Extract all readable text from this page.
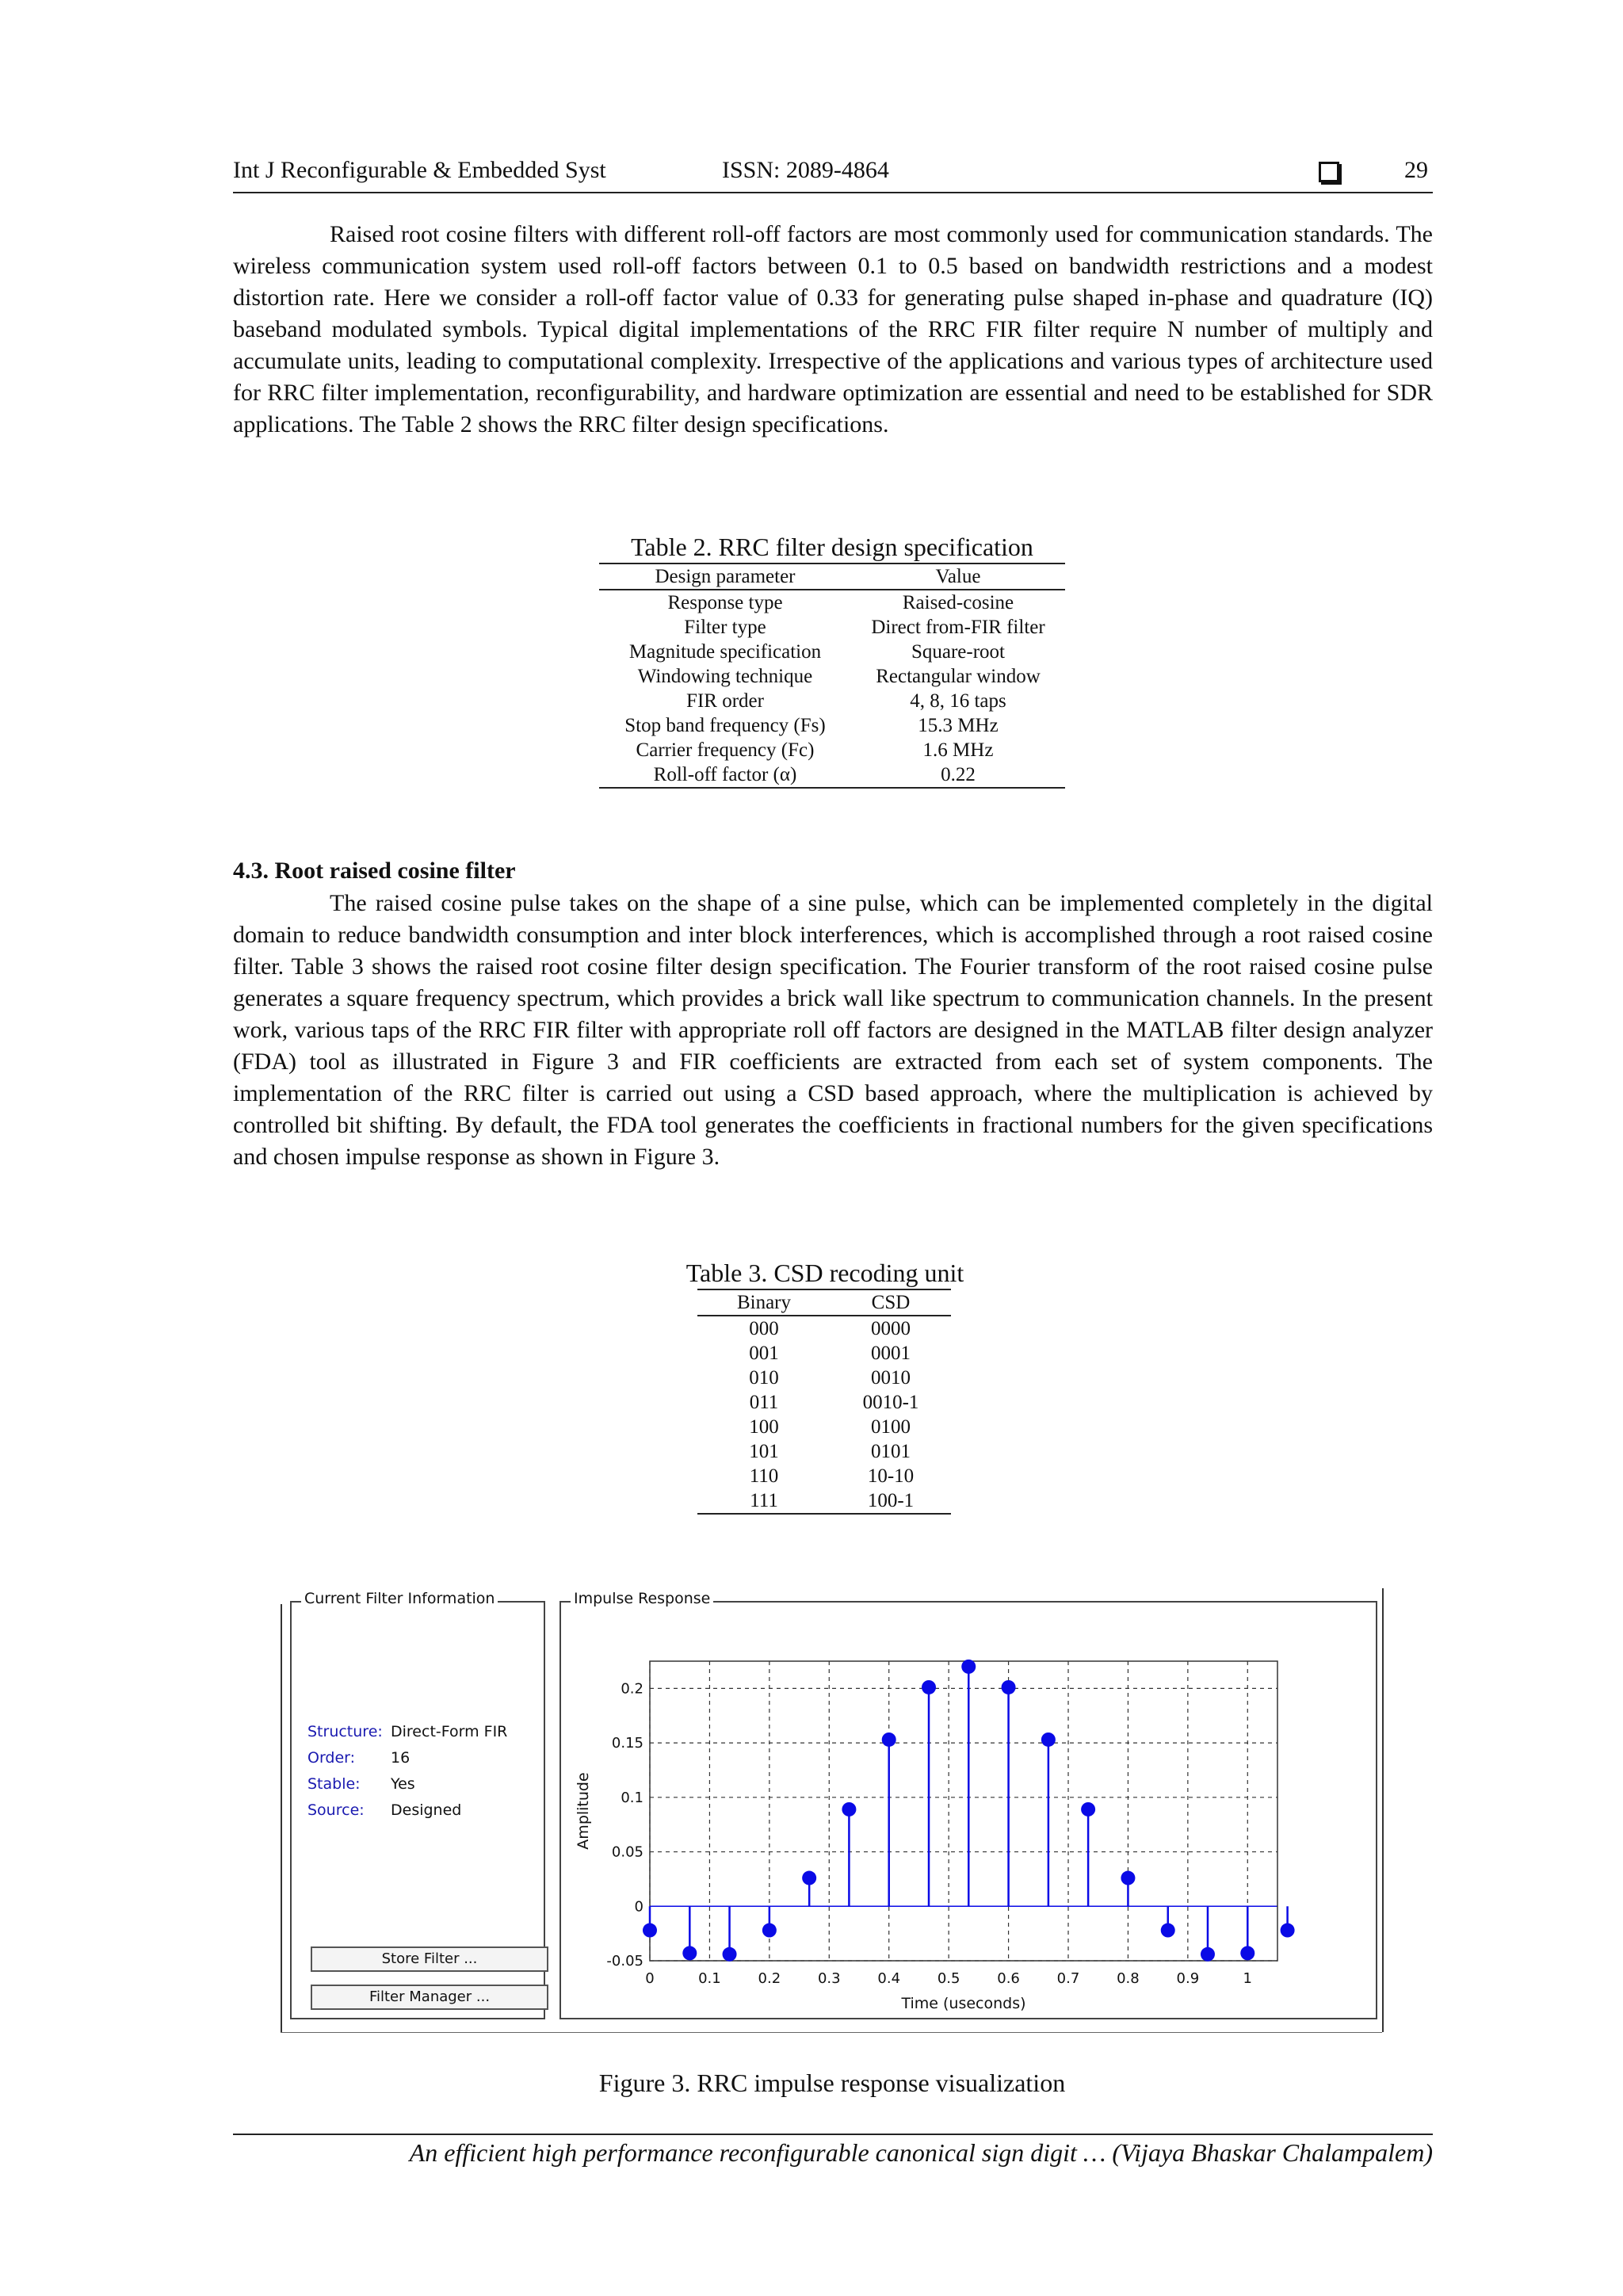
Int J Reconfigurable & Embedded Syst	ISSN: 2089-4864	29

Raised root cosine filters with different roll-off factors are most commonly used for communication standards. The wireless communication system used roll-off factors between 0.1 to 0.5 based on bandwidth restrictions and a modest distortion rate. Here we consider a roll-off factor value of 0.33 for generating pulse shaped in-phase and quadrature (IQ) baseband modulated symbols. Typical digital implementations of the RRC FIR filter require N number of multiply and accumulate units, leading to computational complexity. Irrespective of the applications and various types of architecture used for RRC filter implementation, reconfigurability, and hardware optimization are essential and need to be established for SDR applications. The Table 2 shows the RRC filter design specifications.

Table 2. RRC filter design specification
Design parameter	Value
Response type	Raised-cosine
Filter type	Direct from-FIR filter
Magnitude specification	Square-root
Windowing technique	Rectangular window
FIR order	4, 8, 16 taps
Stop band frequency (Fs)	15.3 MHz
Carrier frequency (Fc)	1.6 MHz
Roll-off factor (α)	0.22
4.3. Root raised cosine filter

The raised cosine pulse takes on the shape of a sine pulse, which can be implemented completely in the digital domain to reduce bandwidth consumption and inter block interferences, which is accomplished through a root raised cosine filter. Table 3 shows the raised root cosine filter design specification. The Fourier transform of the root raised cosine pulse generates a square frequency spectrum, which provides a brick wall like spectrum to communication channels. In the present work, various taps of the RRC FIR filter with appropriate roll off factors are designed in the MATLAB filter design analyzer (FDA) tool as illustrated in Figure 3 and FIR coefficients are extracted from each set of system components. The implementation of the RRC filter is carried out using a CSD based approach, where the multiplication is achieved by controlled bit shifting. By default, the FDA tool generates the coefficients in fractional numbers for the given specifications and chosen impulse response as shown in Figure 3.

Table 3. CSD recoding unit
Binary	CSD
000	0000
001	0001
010	0010
011	0010-1
100	0100
101	0101
110	10-10
111	100-1
Current Filter Information
Structure: Direct-Form FIR
Order: 16
Stable: Yes
Source: Designed
Store Filter ...
Filter Manager ...
Impulse Response
0	0.1	0.2	0.3	0.4	0.5	0.6	0.7	0.8	0.9	1
-0.05
0
0.05
0.1
0.15
0.2
Time (useconds)
Amplitude
Figure 3. RRC impulse response visualization
An efficient high performance reconfigurable canonical sign digit … (Vijaya Bhaskar Chalampalem)
